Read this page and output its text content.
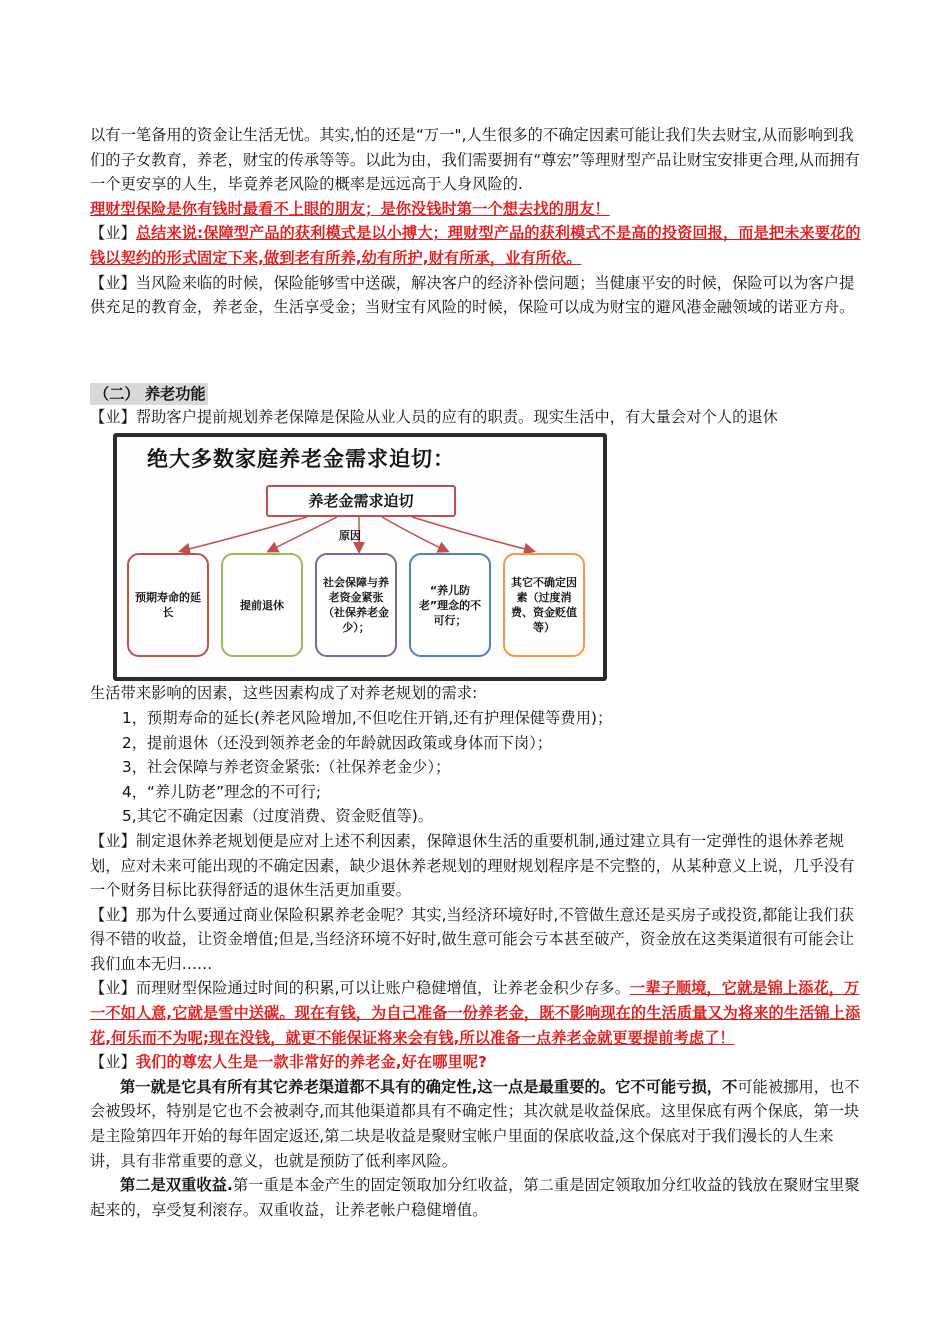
以有一笔备用的资金让生活无忧。其实,怕的还是“万一",人生很多的不确定因素可能让我们失去财宝,从而影响到我们的子女教育，养老，财宝的传承等等。以此为由，我们需要拥有“尊宏”等理财型产品让财宝安排更合理,从而拥有一个更安享的人生，毕竟养老风险的概率是远远高于人身风险的.

理财型保险是你有钱时最看不上眼的朋友；是你没钱时第一个想去找的朋友！

【业】总结来说:保障型产品的获利模式是以小搏大；理财型产品的获利模式不是高的投资回报，而是把未来要花的钱以契约的形式固定下来,做到老有所养,幼有所护,财有所承，业有所依。

【业】当风险来临的时候，保险能够雪中送碳，解决客户的经济补偿问题；当健康平安的时候，保险可以为客户提供充足的教育金，养老金，生活享受金；当财宝有风险的时候，保险可以成为财宝的避风港金融领域的诺亚方舟。

（二） 养老功能

【业】帮助客户提前规划养老保障是保险从业人员的应有的职责。现实生活中，有大量会对个人的退休

绝大多数家庭养老金需求迫切：
养老金需求迫切
原因
预期寿命的延长
提前退休
社会保障与养老资金紧张（社保养老金少）；
“养儿防老”理念的不可行；
其它不确定因素（过度消费、资金贬值等）

生活带来影响的因素，这些因素构成了对养老规划的需求:

1，预期寿命的延长(养老风险增加,不但吃住开销,还有护理保健等费用)；

2，提前退休（还没到领养老金的年龄就因政策或身体而下岗）；

3，社会保障与养老资金紧张:（社保养老金少）；

4，“养儿防老”理念的不可行;

5,其它不确定因素（过度消费、资金贬值等)。

【业】制定退休养老规划便是应对上述不利因素，保障退休生活的重要机制,通过建立具有一定弹性的退休养老规划，应对未来可能出现的不确定因素，缺少退休养老规划的理财规划程序是不完整的，从某种意义上说，几乎没有一个财务目标比获得舒适的退休生活更加重要。

【业】那为什么要通过商业保险积累养老金呢？其实,当经济环境好时,不管做生意还是买房子或投资,都能让我们获得不错的收益，让资金增值;但是,当经济环境不好时,做生意可能会亏本甚至破产，资金放在这类渠道很有可能会让我们血本无归……

【业】而理财型保险通过时间的积累,可以让账户稳健增值，让养老金积少存多。一辈子顺境，它就是锦上添花，万一不如人意,它就是雪中送碳。现在有钱，为自己准备一份养老金，既不影响现在的生活质量又为将来的生活锦上添花,何乐而不为呢;现在没钱，就更不能保证将来会有钱,所以准备一点养老金就更要提前考虑了！

【业】我们的尊宏人生是一款非常好的养老金,好在哪里呢?

第一就是它具有所有其它养老渠道都不具有的确定性,这一点是最重要的。它不可能亏损，不可能被挪用，也不会被毁坏，特别是它也不会被剥夺,而其他渠道都具有不确定性；其次就是收益保底。这里保底有两个保底，第一块是主险第四年开始的每年固定返还,第二块是收益是聚财宝帐户里面的保底收益,这个保底对于我们漫长的人生来讲，具有非常重要的意义，也就是预防了低利率风险。

第二是双重收益.第一重是本金产生的固定领取加分红收益，第二重是固定领取加分红收益的钱放在聚财宝里聚起来的，享受复利滚存。双重收益，让养老帐户稳健增值。
